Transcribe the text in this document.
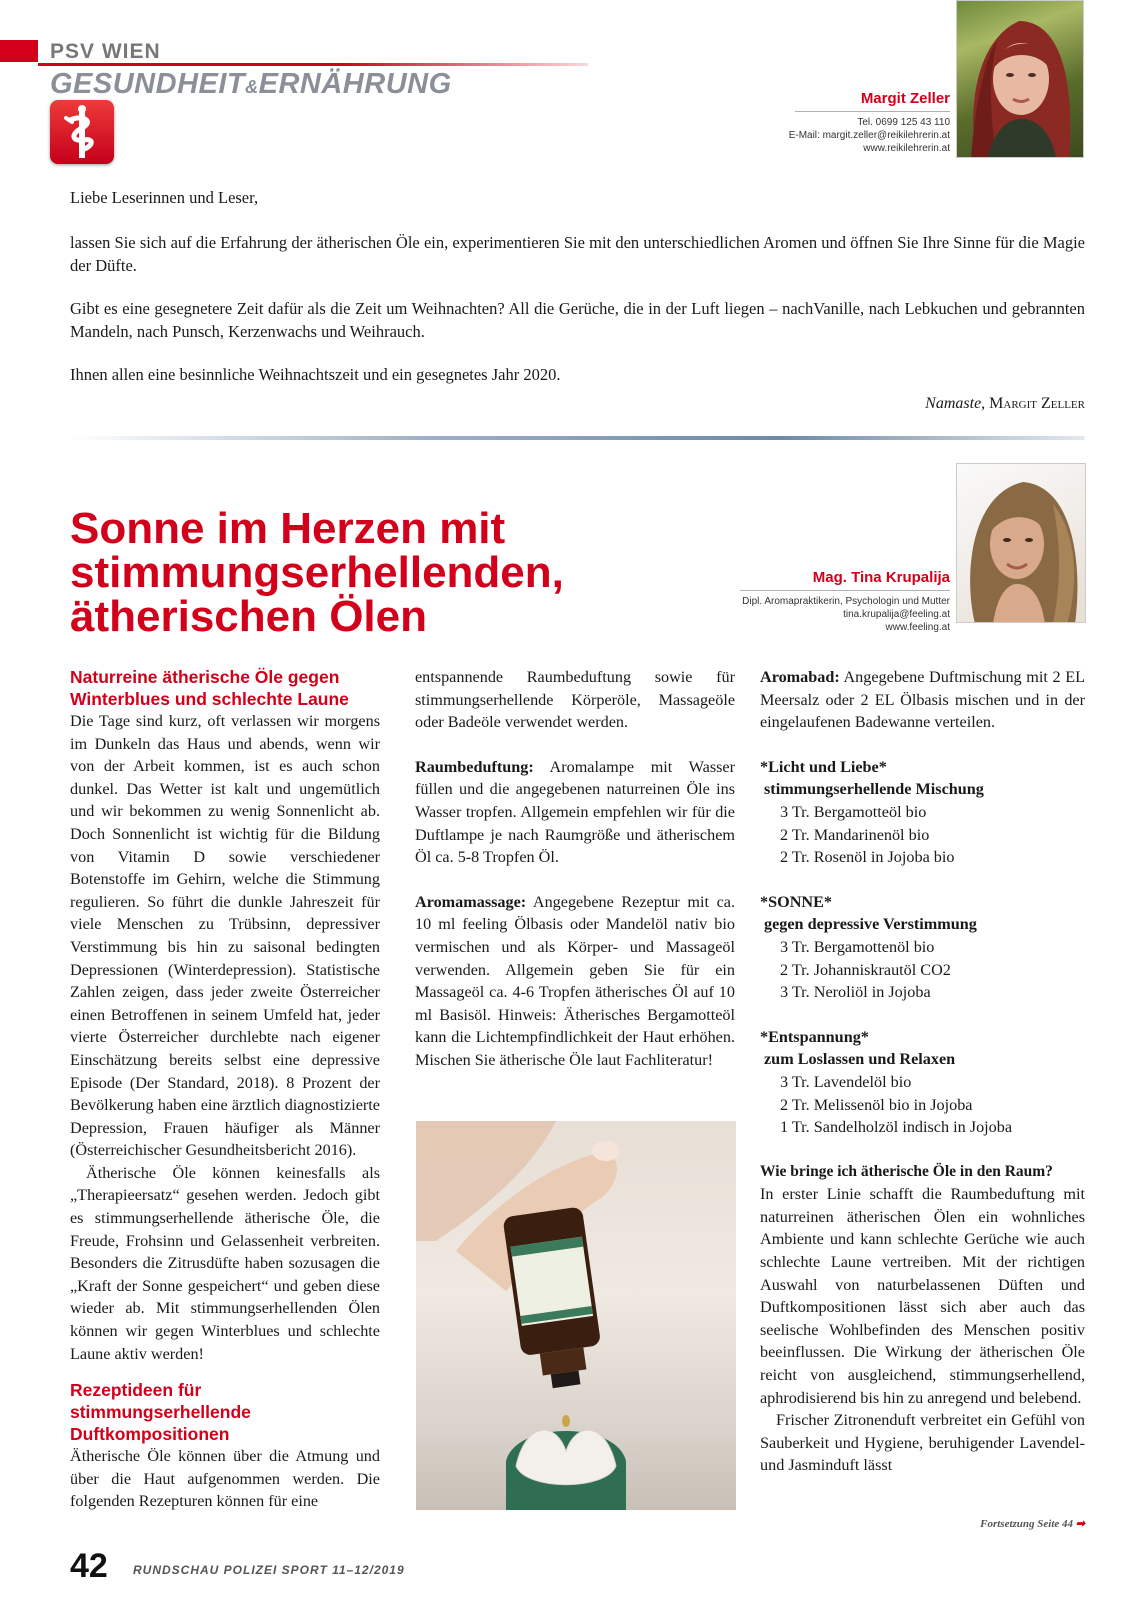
PSV WIEN
GESUNDHEIT&ERNÄHRUNG	Margit Zeller
Tel. 0699 125 43 110
E-Mail: margit.zeller@reikilehrerin.at
www.reikilehrerin.at
Liebe Leserinnen und Leser,
lassen Sie sich auf die Erfahrung der ätherischen Öle ein, experimentieren Sie mit den unterschiedlichen Aromen und öffnen Sie Ihre Sinne für die Magie der Düfte.
Gibt es eine gesegnetere Zeit dafür als die Zeit um Weihnachten? All die Gerüche, die in der Luft liegen – nachVanille, nach Lebkuchen und gebrannten Mandeln, nach Punsch, Kerzenwachs und Weihrauch.
Ihnen allen eine besinnliche Weihnachtszeit und ein gesegnetes Jahr 2020.
Namaste, Margit Zeller
Sonne im Herzen mit
stimmungserhellenden,
ätherischen Ölen
Mag. Tina Krupalija
Dipl. Aromapraktikerin, Psychologin und Mutter
tina.krupalija@feeling.at
www.feeling.at
Naturreine ätherische Öle gegen Winterblues und schlechte Laune

Die Tage sind kurz, oft verlassen wir morgens im Dunkeln das Haus und abends, wenn wir von der Arbeit kommen, ist es auch schon dunkel. Das Wetter ist kalt und ungemütlich und wir bekommen zu wenig Sonnenlicht ab. Doch Sonnenlicht ist wichtig für die Bildung von Vitamin D sowie verschiedener Botenstoffe im Gehirn, welche die Stimmung regulieren. So führt die dunkle Jahreszeit für viele Menschen zu Trübsinn, depressiver Verstimmung bis hin zu saisonal bedingten Depressionen (Winterdepression). Statistische Zahlen zeigen, dass jeder zweite Österreicher einen Betroffenen in seinem Umfeld hat, jeder vierte Österreicher durchlebte nach eigener Einschätzung bereits selbst eine depressive Episode (Der Standard, 2018). 8 Prozent der Bevölkerung haben eine ärztlich diagnostizierte Depression, Frauen häufiger als Männer (Österreichischer Gesundheitsbericht 2016).

Ätherische Öle können keinesfalls als „Therapieersatz“ gesehen werden. Jedoch gibt es stimmungserhellende ätherische Öle, die Freude, Frohsinn und Gelassenheit verbreiten. Besonders die Zitrusdüfte haben sozusagen die „Kraft der Sonne gespeichert“ und geben diese wieder ab. Mit stimmungserhellenden Ölen können wir gegen Winterblues und schlechte Laune aktiv werden!

Rezeptideen für stimmungserhellende Duftkompositionen

Ätherische Öle können über die Atmung und über die Haut aufgenommen werden. Die folgenden Rezepturen können für eine

entspannende Raumbeduftung sowie für stimmungserhellende Körperöle, Massageöle oder Badeöle verwendet werden.

Raumbeduftung: Aromalampe mit Wasser füllen und die angegebenen naturreinen Öle ins Wasser tropfen. Allgemein empfehlen wir für die Duftlampe je nach Raumgröße und ätherischem Öl ca. 5-8 Tropfen Öl.

Aromamassage: Angegebene Rezeptur mit ca. 10 ml feeling Ölbasis oder Mandelöl nativ bio vermischen und als Körper- und Massageöl verwenden. Allgemein geben Sie für ein Massageöl ca. 4-6 Tropfen ätherisches Öl auf 10 ml Basisöl. Hinweis: Ätherisches Bergamotteöl kann die Lichtempfindlichkeit der Haut erhöhen. Mischen Sie ätherische Öle laut Fachliteratur!

Aromabad: Angegebene Duftmischung mit 2 EL Meersalz oder 2 EL Ölbasis mischen und in der eingelaufenen Badewanne verteilen.

*Licht und Liebe*
stimmungserhellende Mischung
3 Tr. Bergamotteöl bio
2 Tr. Mandarinenöl bio
2 Tr. Rosenöl in Jojoba bio
*SONNE*
gegen depressive Verstimmung
3 Tr. Bergamottenöl bio
2 Tr. Johanniskrautöl CO2
3 Tr. Neroliöl in Jojoba
*Entspannung*
zum Loslassen und Relaxen
3 Tr. Lavendelöl bio
2 Tr. Melissenöl bio in Jojoba
1 Tr. Sandelholzöl indisch in Jojoba
Wie bringe ich ätherische Öle in den Raum?

In erster Linie schafft die Raumbeduftung mit naturreinen ätherischen Ölen ein wohnliches Ambiente und kann schlechte Gerüche wie auch schlechte Laune vertreiben. Mit der richtigen Auswahl von naturbelassenen Düften und Duftkompositionen lässt sich aber auch das seelische Wohlbefinden des Menschen positiv beeinflussen. Die Wirkung der ätherischen Öle reicht von ausgleichend, stimmungserhellend, aphrodisierend bis hin zu anregend und belebend.

Frischer Zitronenduft verbreitet ein Gefühl von Sauberkeit und Hygiene, beruhigender Lavendel- und Jasminduft lässt

Fortsetzung Seite 44 ➡
42 RUNDSCHAU POLIZEI SPORT 11–12/2019
